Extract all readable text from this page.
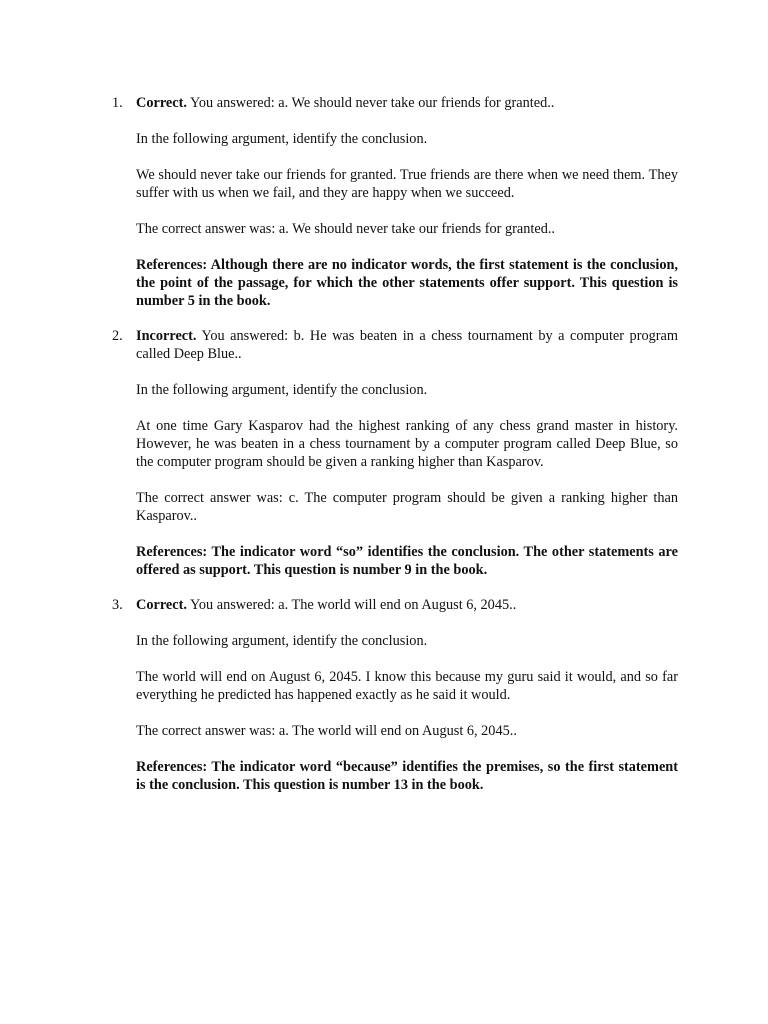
1. Correct. You answered: a. We should never take our friends for granted..

In the following argument, identify the conclusion.

We should never take our friends for granted. True friends are there when we need them. They suffer with us when we fail, and they are happy when we succeed.

The correct answer was: a. We should never take our friends for granted..

References: Although there are no indicator words, the first statement is the conclusion, the point of the passage, for which the other statements offer support. This question is number 5 in the book.

2. Incorrect. You answered: b. He was beaten in a chess tournament by a computer program called Deep Blue..

In the following argument, identify the conclusion.

At one time Gary Kasparov had the highest ranking of any chess grand master in history. However, he was beaten in a chess tournament by a computer program called Deep Blue, so the computer program should be given a ranking higher than Kasparov.

The correct answer was: c. The computer program should be given a ranking higher than Kasparov..

References: The indicator word “so” identifies the conclusion. The other statements are offered as support. This question is number 9 in the book.

3. Correct. You answered: a. The world will end on August 6, 2045..

In the following argument, identify the conclusion.

The world will end on August 6, 2045. I know this because my guru said it would, and so far everything he predicted has happened exactly as he said it would.

The correct answer was: a. The world will end on August 6, 2045..

References: The indicator word “because” identifies the premises, so the first statement is the conclusion. This question is number 13 in the book.
